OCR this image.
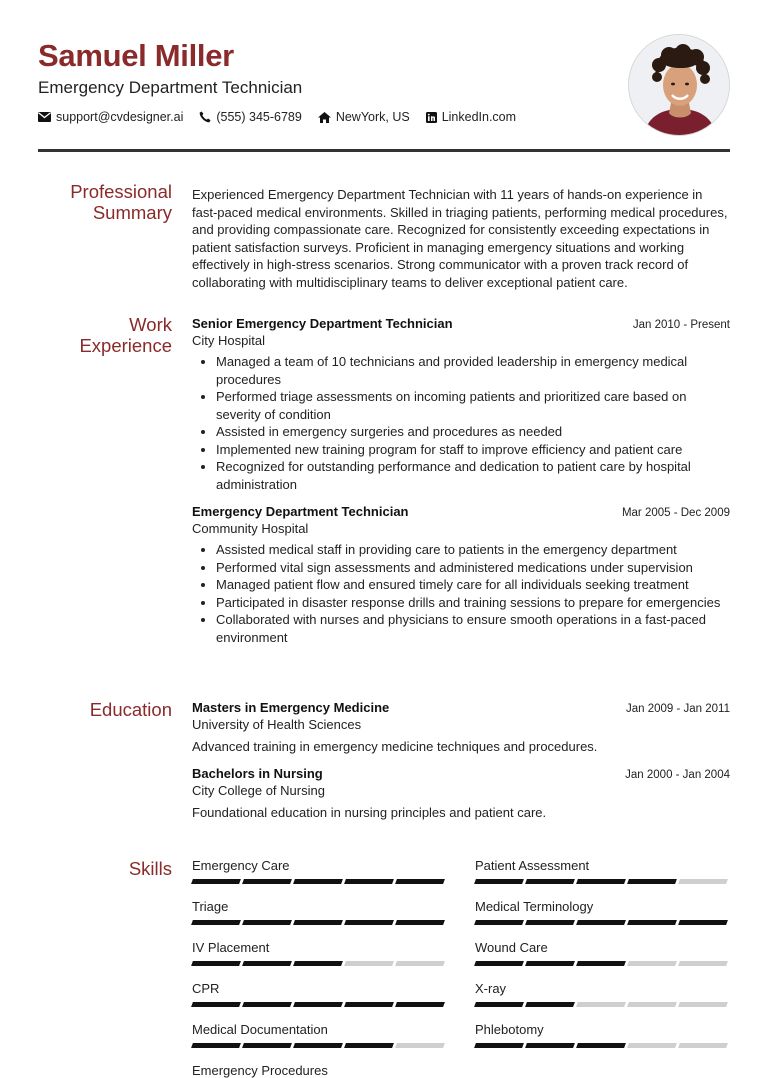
Samuel Miller
Emergency Department Technician
support@cvdesigner.ai	(555) 345-6789	NewYork, US	LinkedIn.com
Professional
Summary

Experienced Emergency Department Technician with 11 years of hands-on experience in fast-paced medical environments. Skilled in triaging patients, performing medical procedures, and providing compassionate care. Recognized for consistently exceeding expectations in patient satisfaction surveys. Proficient in managing emergency situations and working effectively in high-stress scenarios. Strong communicator with a proven track record of collaborating with multidisciplinary teams to deliver exceptional patient care.

Work
Experience
Senior Emergency Department Technician	Jan 2010 - Present
City Hospital
Managed a team of 10 technicians and provided leadership in emergency medical procedures
Performed triage assessments on incoming patients and prioritized care based on severity of condition
Assisted in emergency surgeries and procedures as needed
Implemented new training program for staff to improve efficiency and patient care
Recognized for outstanding performance and dedication to patient care by hospital administration
Emergency Department Technician	Mar 2005 - Dec 2009
Community Hospital
Assisted medical staff in providing care to patients in the emergency department
Performed vital sign assessments and administered medications under supervision
Managed patient flow and ensured timely care for all individuals seeking treatment
Participated in disaster response drills and training sessions to prepare for emergencies
Collaborated with nurses and physicians to ensure smooth operations in a fast-paced environment
Education Masters in Emergency Medicine	Jan 2009 - Jan 2011
University of Health Sciences
Advanced training in emergency medicine techniques and procedures.
Bachelors in Nursing	Jan 2000 - Jan 2004
City College of Nursing
Foundational education in nursing principles and patient care.
Skills Emergency Care	Patient Assessment
Triage	Medical Terminology
IV Placement	Wound Care
CPR	X-ray
Medical Documentation	Phlebotomy
Emergency Procedures
